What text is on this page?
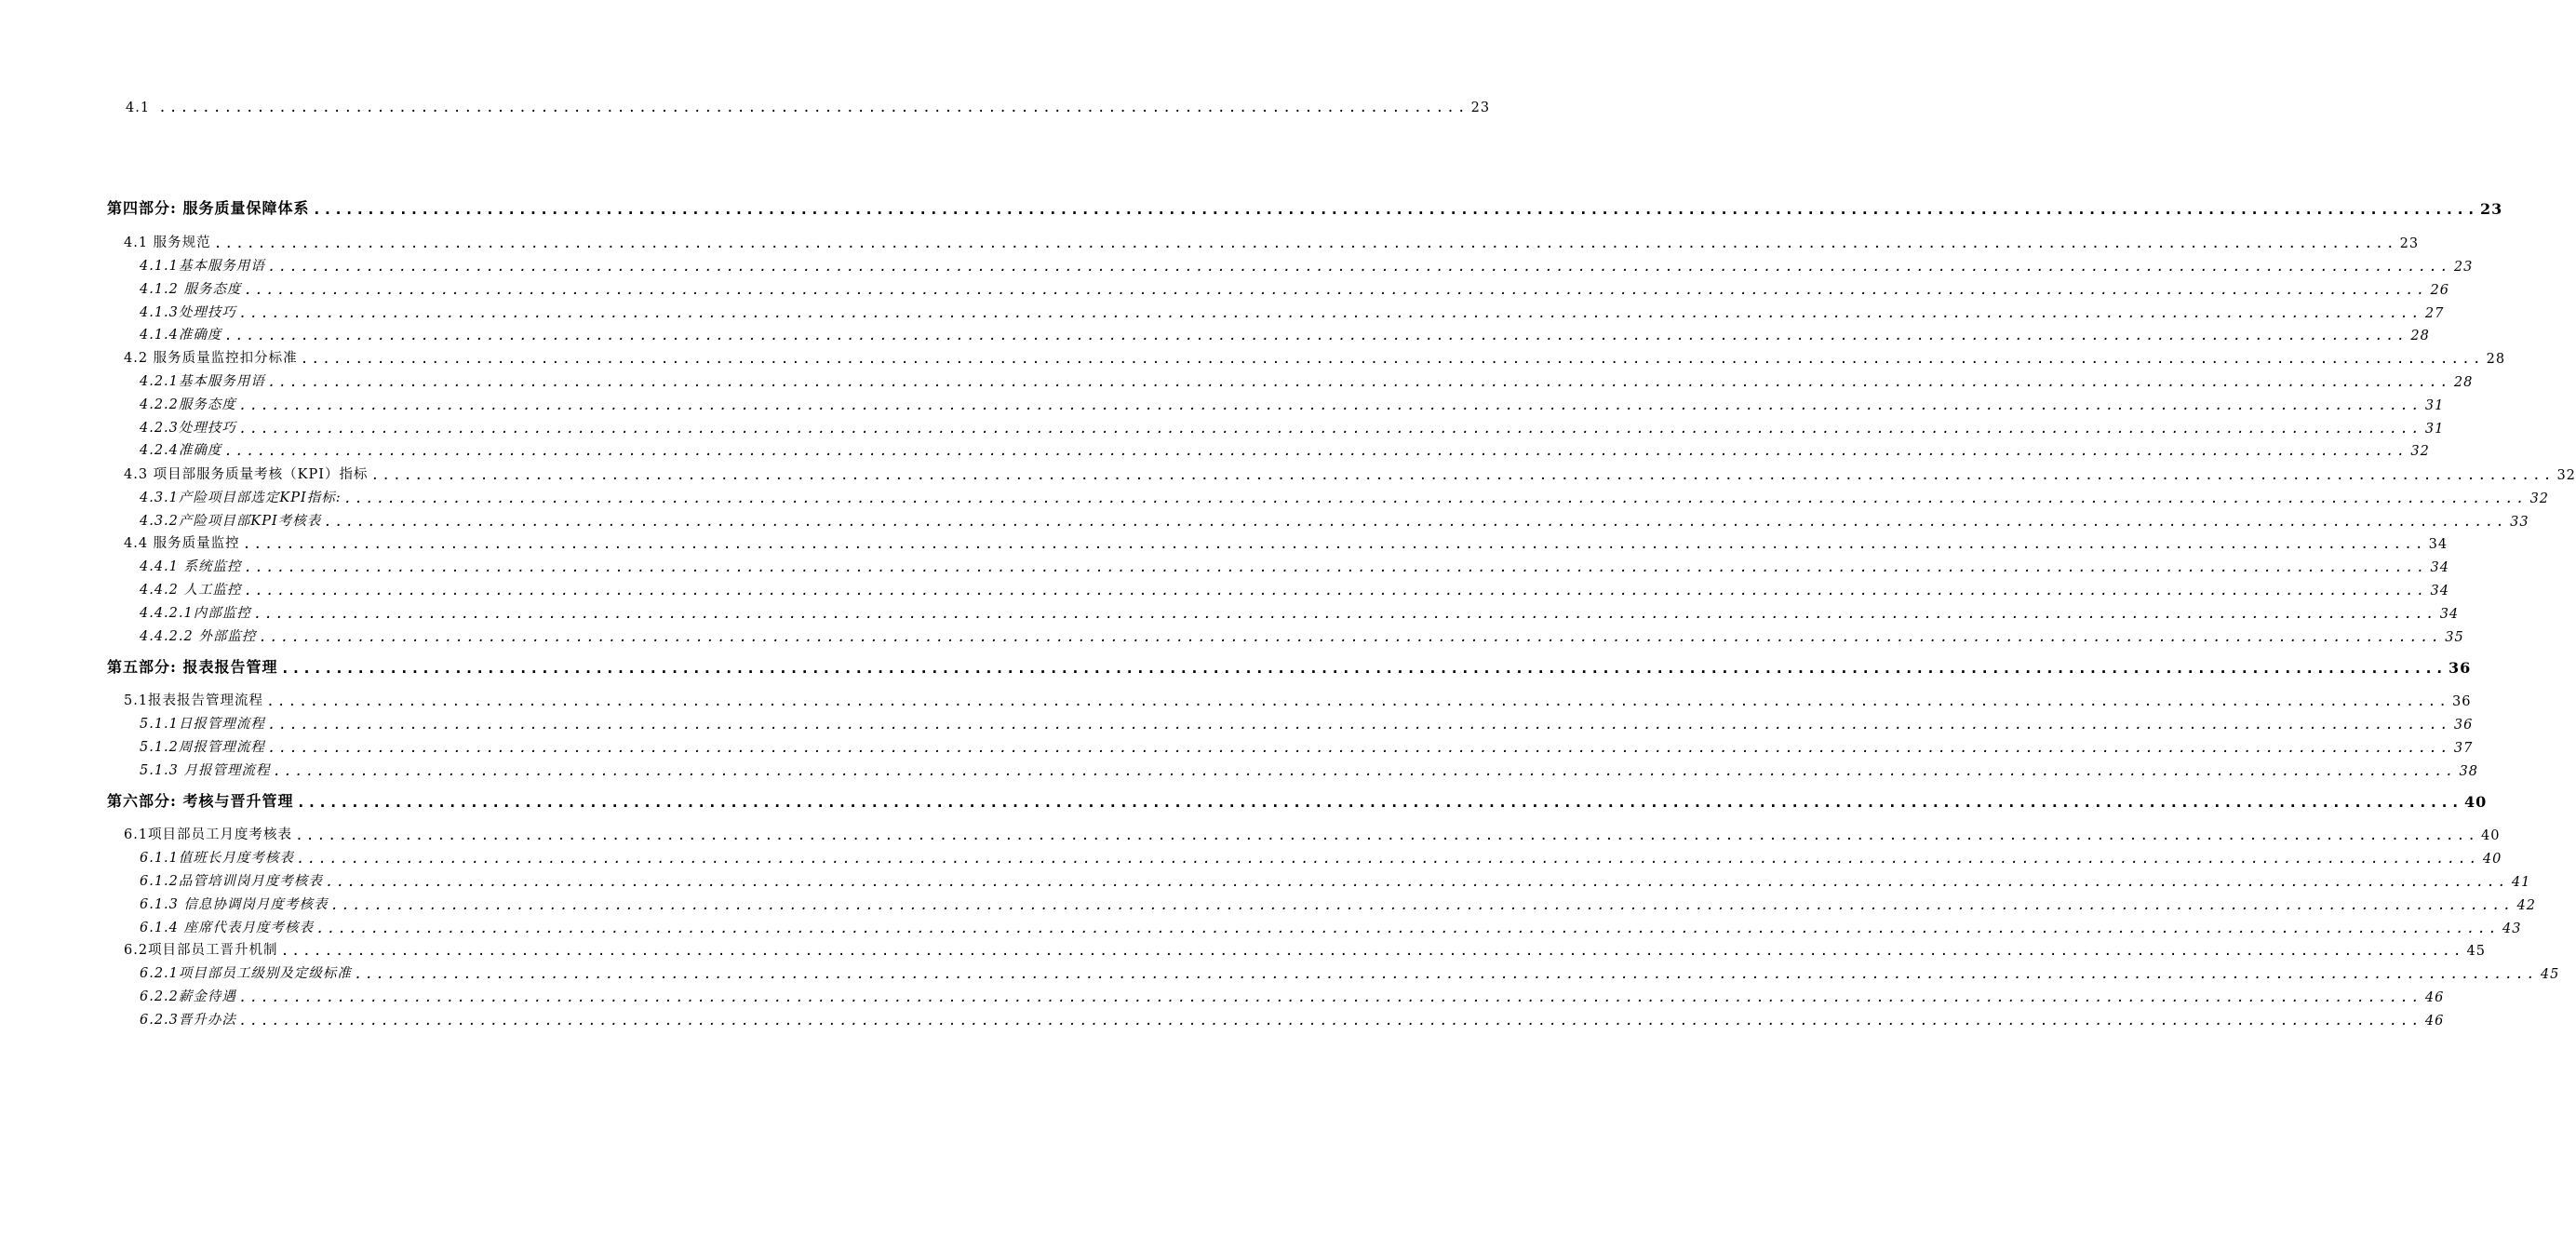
4.1 ........................................................................................................................ 23
第四部分: 服务质量保障体系 ........................................................................................................................................................................................................ 23
4.1 服务规范 ........................................................................................................................................................................................................ 23
4.1.1基本服务用语 ........................................................................................................................................................................................................ 23
4.1.2 服务态度 ........................................................................................................................................................................................................ 26
4.1.3处理技巧 ........................................................................................................................................................................................................ 27
4.1.4准确度 ........................................................................................................................................................................................................ 28
4.2 服务质量监控扣分标准 ........................................................................................................................................................................................................ 28
4.2.1基本服务用语 ........................................................................................................................................................................................................ 28
4.2.2服务态度 ........................................................................................................................................................................................................ 31
4.2.3处理技巧 ........................................................................................................................................................................................................ 31
4.2.4准确度 ........................................................................................................................................................................................................ 32
4.3 项目部服务质量考核（KPI）指标 ........................................................................................................................................................................................................ 32
4.3.1产险项目部选定KPI指标: ........................................................................................................................................................................................................ 32
4.3.2产险项目部KPI考核表 ........................................................................................................................................................................................................ 33
4.4 服务质量监控 ........................................................................................................................................................................................................ 34
4.4.1 系统监控 ........................................................................................................................................................................................................ 34
4.4.2 人工监控 ........................................................................................................................................................................................................ 34
4.4.2.1内部监控 ........................................................................................................................................................................................................ 34
4.4.2.2 外部监控 ........................................................................................................................................................................................................ 35
第五部分: 报表报告管理 ........................................................................................................................................................................................................ 36
5.1报表报告管理流程 ........................................................................................................................................................................................................ 36
5.1.1日报管理流程 ........................................................................................................................................................................................................ 36
5.1.2周报管理流程 ........................................................................................................................................................................................................ 37
5.1.3 月报管理流程 ........................................................................................................................................................................................................ 38
第六部分: 考核与晋升管理 ........................................................................................................................................................................................................ 40
6.1项目部员工月度考核表 ........................................................................................................................................................................................................ 40
6.1.1值班长月度考核表 ........................................................................................................................................................................................................ 40
6.1.2品管培训岗月度考核表 ........................................................................................................................................................................................................ 41
6.1.3 信息协调岗月度考核表 ........................................................................................................................................................................................................ 42
6.1.4 座席代表月度考核表 ........................................................................................................................................................................................................ 43
6.2项目部员工晋升机制 ........................................................................................................................................................................................................ 45
6.2.1项目部员工级别及定级标准 ........................................................................................................................................................................................................ 45
6.2.2薪金待遇 ........................................................................................................................................................................................................ 46
6.2.3晋升办法 ........................................................................................................................................................................................................ 46
